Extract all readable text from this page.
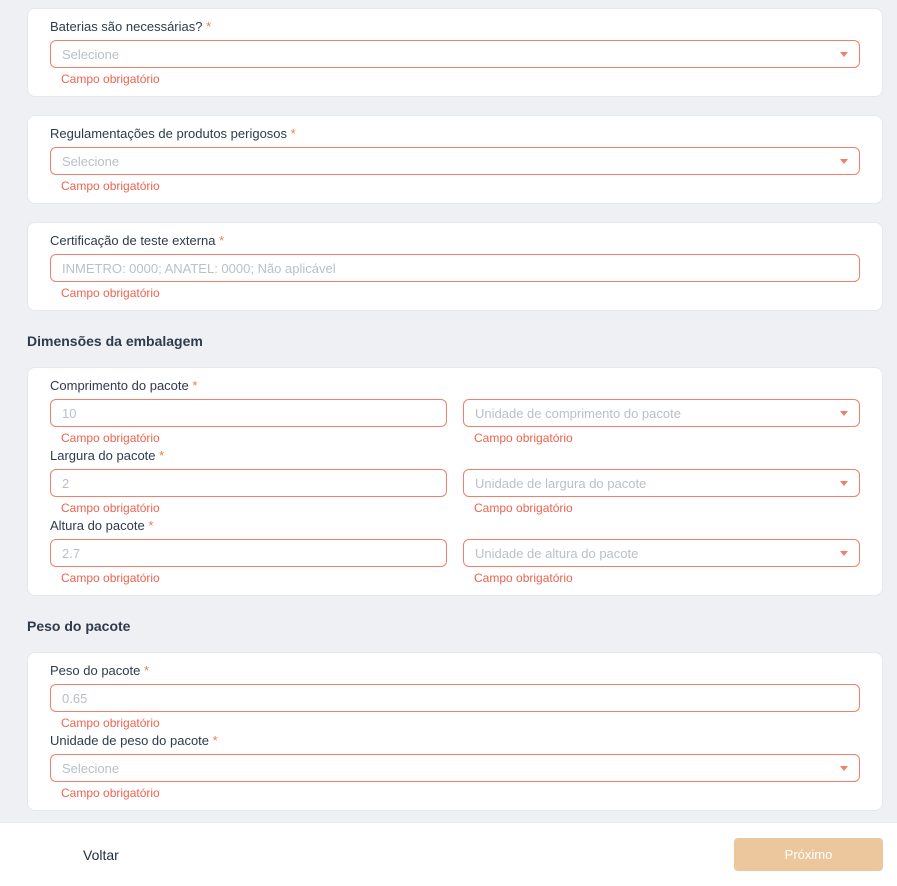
Baterias são necessárias? *
Selecione
Campo obrigatório
Regulamentações de produtos perigosos *
Selecione
Campo obrigatório
Certificação de teste externa *
INMETRO: 0000; ANATEL: 0000; Não aplicável
Campo obrigatório
Dimensões da embalagem
Comprimento do pacote *
10
Campo obrigatório
Unidade de comprimento do pacote
Campo obrigatório
Largura do pacote *
2
Campo obrigatório
Unidade de largura do pacote
Campo obrigatório
Altura do pacote *
2.7
Campo obrigatório
Unidade de altura do pacote
Campo obrigatório
Peso do pacote
Peso do pacote *
0.65
Campo obrigatório
Unidade de peso do pacote *
Selecione
Campo obrigatório
Voltar	Próximo
